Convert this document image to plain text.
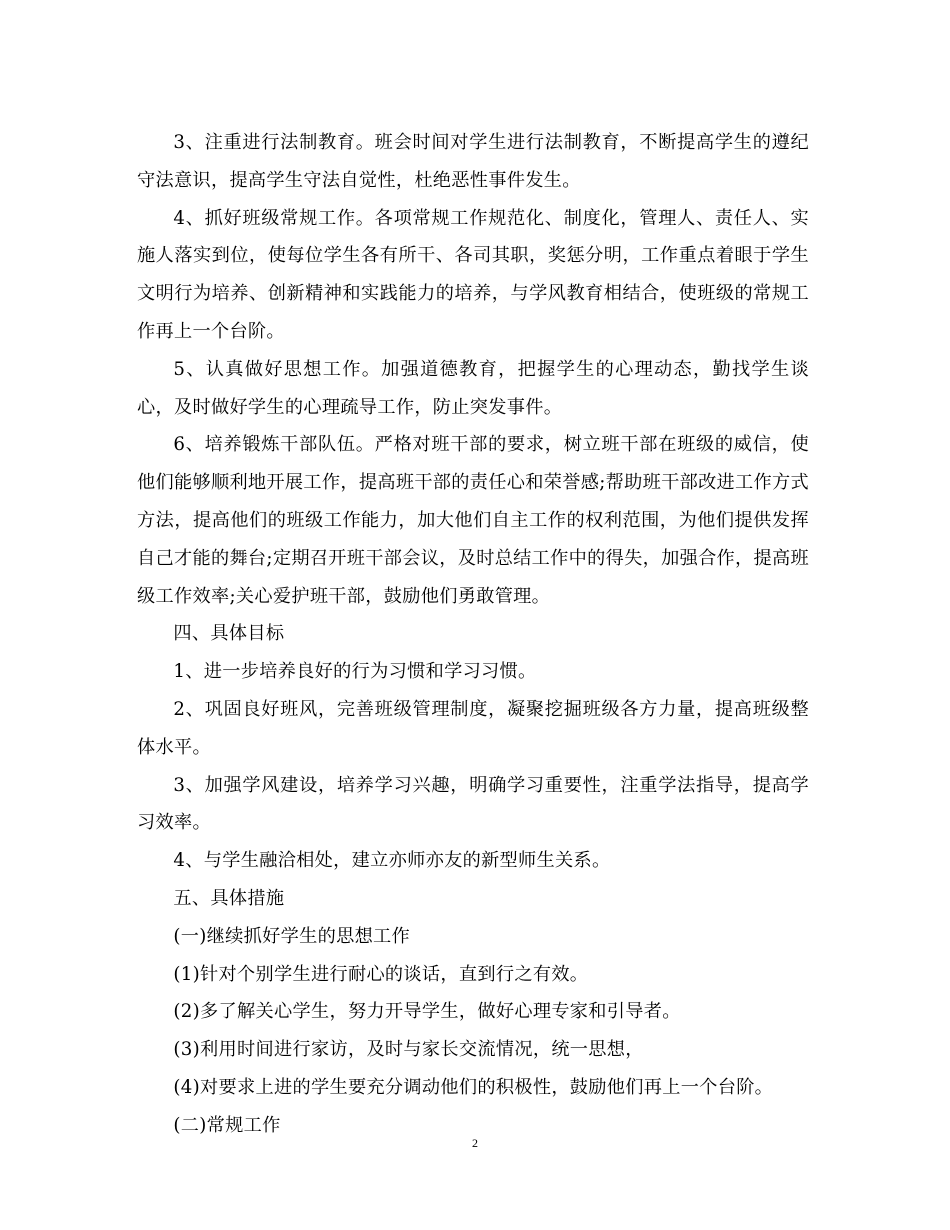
3、注重进行法制教育。班会时间对学生进行法制教育，不断提高学生的遵纪守法意识，提高学生守法自觉性，杜绝恶性事件发生。

4、抓好班级常规工作。各项常规工作规范化、制度化，管理人、责任人、实施人落实到位，使每位学生各有所干、各司其职，奖惩分明，工作重点着眼于学生文明行为培养、创新精神和实践能力的培养，与学风教育相结合，使班级的常规工作再上一个台阶。

5、认真做好思想工作。加强道德教育，把握学生的心理动态，勤找学生谈心，及时做好学生的心理疏导工作，防止突发事件。

6、培养锻炼干部队伍。严格对班干部的要求，树立班干部在班级的威信，使他们能够顺利地开展工作，提高班干部的责任心和荣誉感;帮助班干部改进工作方式方法，提高他们的班级工作能力，加大他们自主工作的权利范围，为他们提供发挥自己才能的舞台;定期召开班干部会议，及时总结工作中的得失，加强合作，提高班级工作效率;关心爱护班干部，鼓励他们勇敢管理。

四、具体目标

1、进一步培养良好的行为习惯和学习习惯。

2、巩固良好班风，完善班级管理制度，凝聚挖掘班级各方力量，提高班级整体水平。

3、加强学风建设，培养学习兴趣，明确学习重要性，注重学法指导，提高学习效率。

4、与学生融洽相处，建立亦师亦友的新型师生关系。

五、具体措施

(一)继续抓好学生的思想工作

(1)针对个别学生进行耐心的谈话，直到行之有效。

(2)多了解关心学生，努力开导学生，做好心理专家和引导者。

(3)利用时间进行家访，及时与家长交流情况，统一思想，

(4)对要求上进的学生要充分调动他们的积极性，鼓励他们再上一个台阶。

(二)常规工作

2
